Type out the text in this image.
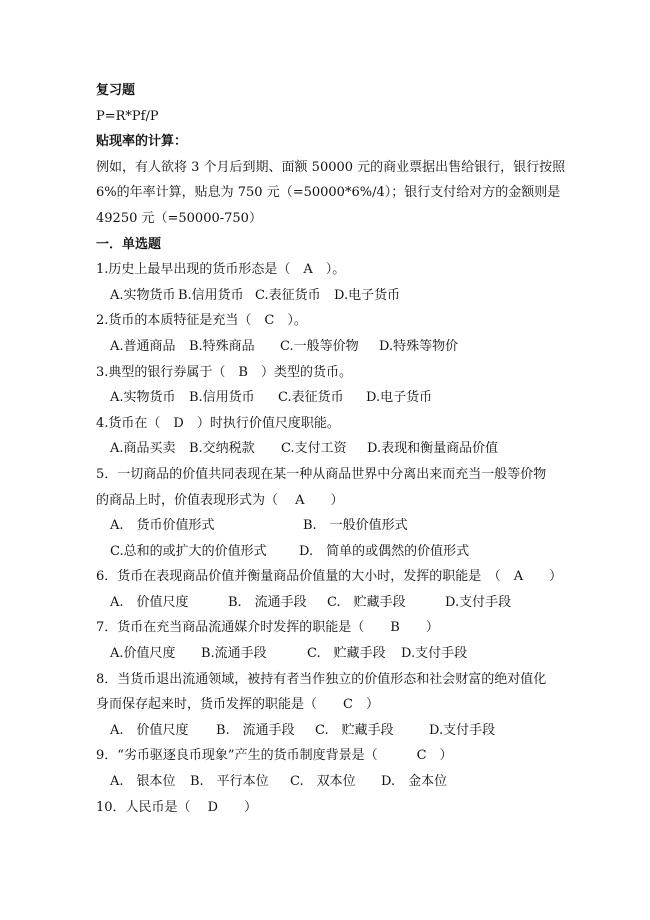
复习题
P=R*Pf/P
贴现率的计算：
例如，有人欲将 3 个月后到期、面额 50000 元的商业票据出售给银行，银行按照
6%的年率计算，贴息为 750 元（=50000*6%/4）；银行支付给对方的金额则是
49250 元（=50000-750）
一．单选题
1.历史上最早出现的货币形态是（　A　）。
A.实物货币 B.信用货币 C.表征货币 D.电子货币
2.货币的本质特征是充当（　C　）。
A.普通商品 B.特殊商品 C.一般等价物 D.特殊等物价
3.典型的银行券属于（　B　）类型的货币。
A.实物货币 B.信用货币 C.表征货币 D.电子货币
4.货币在（　D　）时执行价值尺度职能。
A.商品买卖 B.交纳税款 C.支付工资 D.表现和衡量商品价值
5．一切商品的价值共同表现在某一种从商品世界中分离出来而充当一般等价物
的商品上时，价值表现形式为（　 A　　）
A.　货币价值形式	B.　一般价值形式
C.总和的或扩大的价值形式 D.　简单的或偶然的价值形式
6．货币在表现商品价值并衡量商品价值量的大小时，发挥的职能是　（　A　　）
A.　价值尺度	B.　流通手段 C.　贮藏手段	D.支付手段
7．货币在充当商品流通媒介时发挥的职能是（　　B　　）
A.价值尺度 B.流通手段	C.　贮藏手段 D.支付手段
8．当货币退出流通领域，被持有者当作独立的价值形态和社会财富的绝对值化
身而保存起来时，货币发挥的职能是（　　C　）
A.　价值尺度 B.　流通手段 C.　贮藏手段	D.支付手段
9．“劣币驱逐良币现象”产生的货币制度背景是（　　　C　）
A.　银本位 B.　平行本位 C.　双本位 D.　金本位
10．人民币是（　 D　　）
